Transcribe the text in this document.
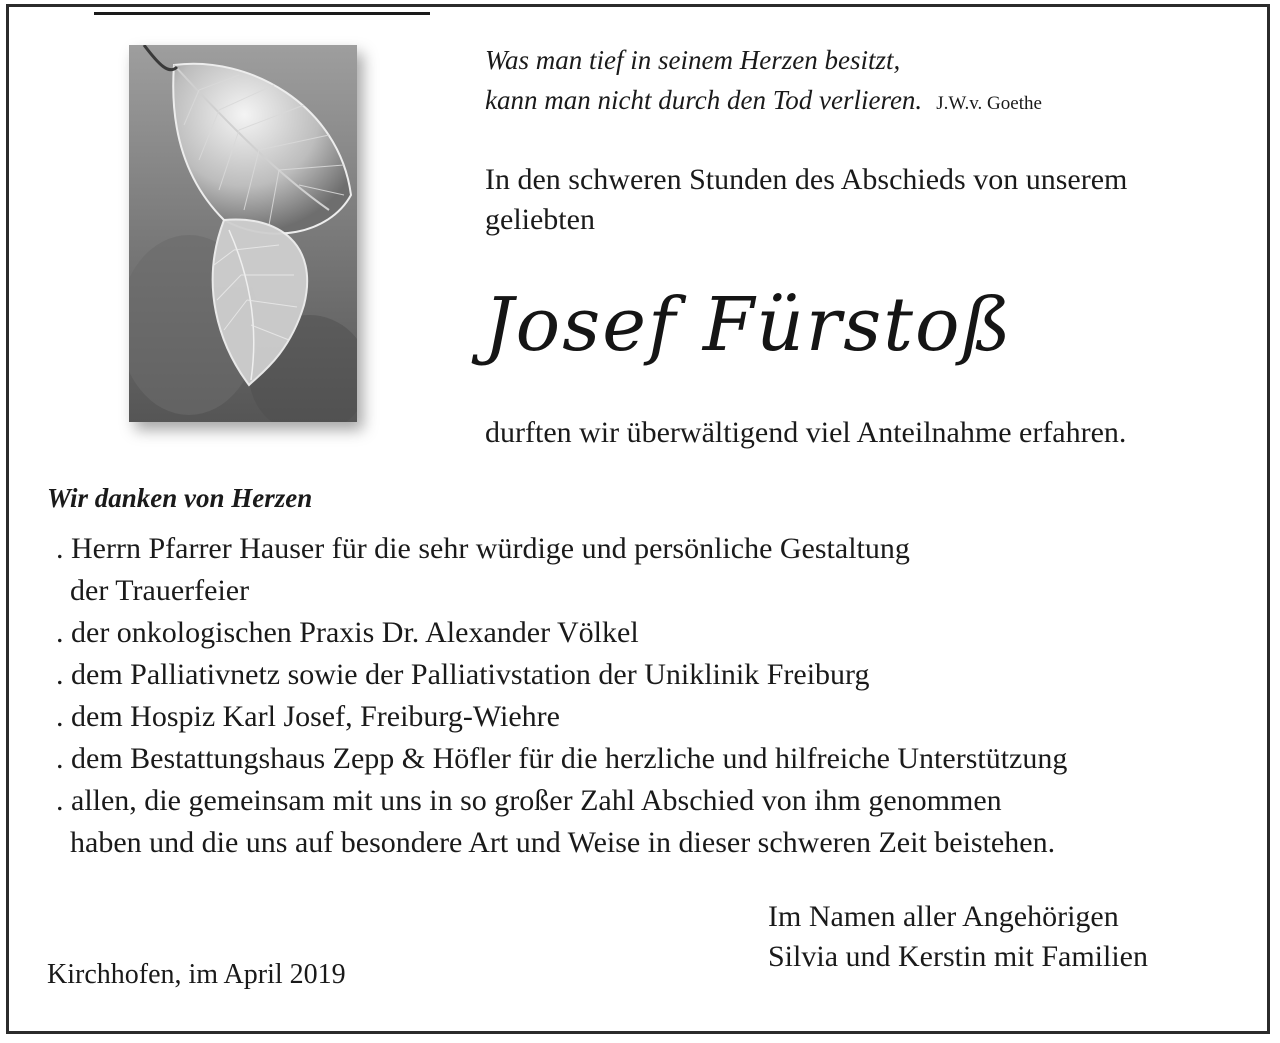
Was man tief in seinem Herzen besitzt,
kann man nicht durch den Tod verlieren. J.W.v. Goethe
In den schweren Stunden des Abschieds von unserem
geliebten
Josef Fürstoß
durften wir überwältigend viel Anteilnahme erfahren.
Wir danken von Herzen
. Herrn Pfarrer Hauser für die sehr würdige und persönliche Gestaltung
der Trauerfeier
. der onkologischen Praxis Dr. Alexander Völkel
. dem Palliativnetz sowie der Palliativstation der Uniklinik Freiburg
. dem Hospiz Karl Josef, Freiburg-Wiehre
. dem Bestattungshaus Zepp & Höfler für die herzliche und hilfreiche Unterstützung
. allen, die gemeinsam mit uns in so großer Zahl Abschied von ihm genommen
haben und die uns auf besondere Art und Weise in dieser schweren Zeit beistehen.
Im Namen aller Angehörigen
Silvia und Kerstin mit Familien
Kirchhofen, im April 2019
